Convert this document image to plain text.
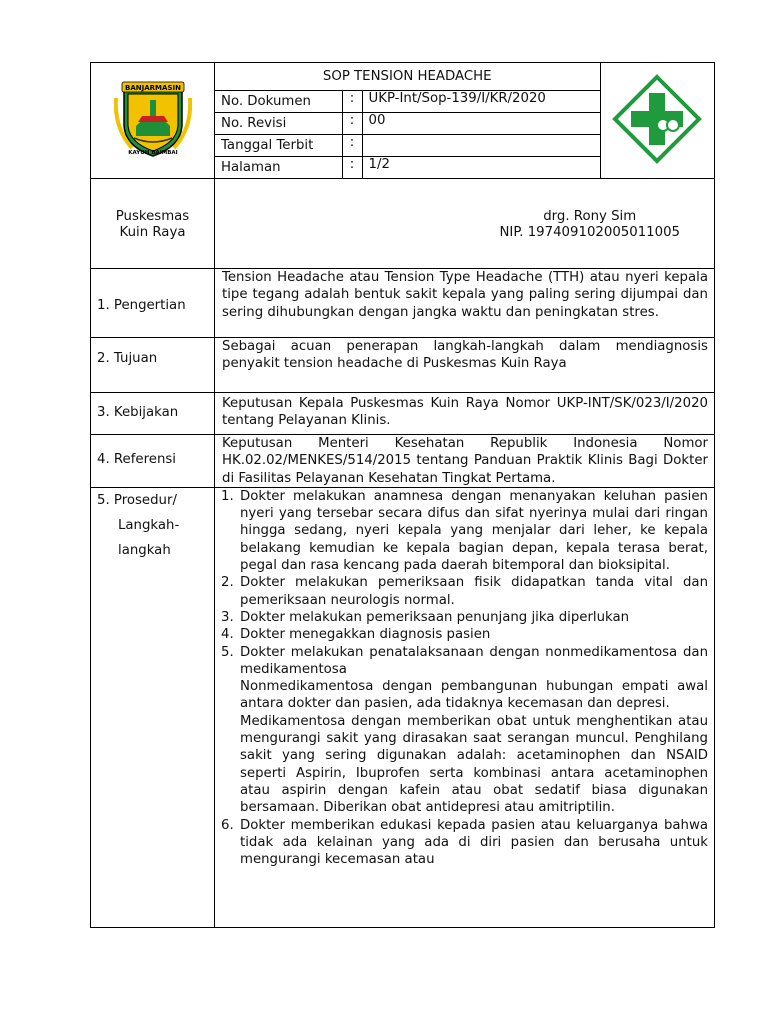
BANJARMASIN
KAYUH BAIMBAI

SOP TENSION HEADACHE	
No. Dokumen	:	UKP-Int/Sop-139/I/KR/2020
No. Revisi	:	00
Tanggal Terbit	:	
Halaman	:	1/2

Puskesmas
Kuin Raya

drg. Rony Sim
NIP. 197409102005011005

1. Pengertian	Tension Headache atau Tension Type Headache (TTH) atau nyeri kepala tipe tegang adalah bentuk sakit kepala yang paling sering dijumpai dan sering dihubungkan dengan jangka waktu dan peningkatan stres.
2. Tujuan	Sebagai acuan penerapan langkah-langkah dalam mendiagnosis penyakit tension headache di Puskesmas Kuin Raya
3. Kebijakan	Keputusan Kepala Puskesmas Kuin Raya Nomor UKP-INT/SK/023/I/2020 tentang Pelayanan Klinis.
4. Referensi	Keputusan Menteri Kesehatan Republik Indonesia Nomor HK.02.02/MENKES/514/2015 tentang Panduan Praktik Klinis Bagi Dokter di Fasilitas Pelayanan Kesehatan Tingkat Pertama.

5. Prosedur/
Langkah-
langkah

1. Dokter melakukan anamnesa dengan menanyakan keluhan pasien nyeri yang tersebar secara difus dan sifat nyerinya mulai dari ringan hingga sedang, nyeri kepala yang menjalar dari leher, ke kepala belakang kemudian ke kepala bagian depan, kepala terasa berat, pegal dan rasa kencang pada daerah bitemporal dan bioksipital.
2. Dokter melakukan pemeriksaan fisik didapatkan tanda vital dan pemeriksaan neurologis normal.
3. Dokter melakukan pemeriksaan penunjang jika diperlukan
4. Dokter menegakkan diagnosis pasien
5. Dokter melakukan penatalaksanaan dengan nonmedikamentosa dan medikamentosa
Nonmedikamentosa dengan pembangunan hubungan empati awal antara dokter dan pasien, ada tidaknya kecemasan dan depresi.
Medikamentosa dengan memberikan obat untuk menghentikan atau mengurangi sakit yang dirasakan saat serangan muncul. Penghilang sakit yang sering digunakan adalah: acetaminophen dan NSAID seperti Aspirin, Ibuprofen serta kombinasi antara acetaminophen atau aspirin dengan kafein atau obat sedatif biasa digunakan bersamaan. Diberikan obat antidepresi atau amitriptilin.
6. Dokter memberikan edukasi kepada pasien atau keluarganya bahwa tidak ada kelainan yang ada di diri pasien dan berusaha untuk mengurangi kecemasan atau
